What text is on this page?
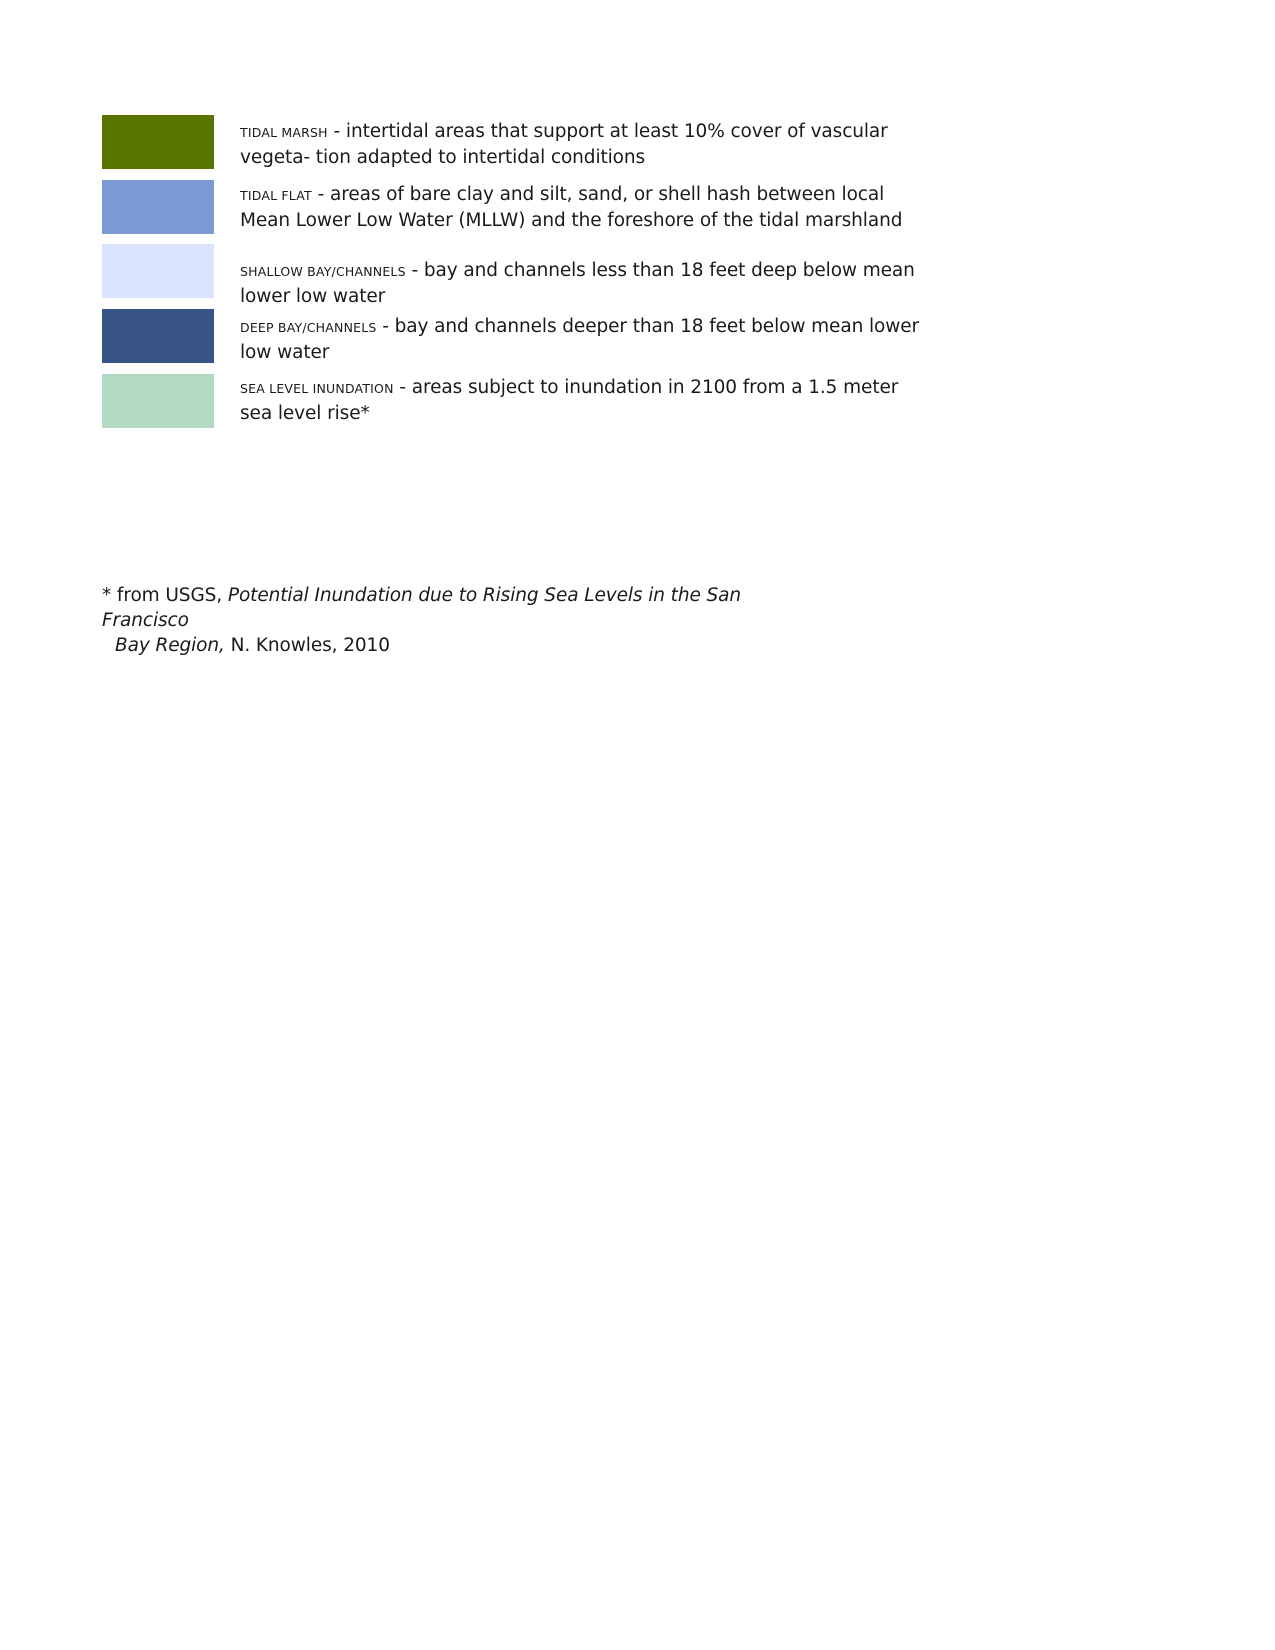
TIDAL MARSH - intertidal areas that support at least 10% cover of vascular vegeta- tion adapted to intertidal conditions
TIDAL FLAT - areas of bare clay and silt, sand, or shell hash between local Mean Lower Low Water (MLLW) and the foreshore of the tidal marshland
SHALLOW BAY/CHANNELS - bay and channels less than 18 feet deep below mean lower low water
DEEP BAY/CHANNELS - bay and channels deeper than 18 feet below mean lower low water
SEA LEVEL INUNDATION - areas subject to inundation in 2100 from a 1.5 meter sea level rise*
* from USGS, Potential Inundation due to Rising Sea Levels in the San Francisco
Bay Region, N. Knowles, 2010
